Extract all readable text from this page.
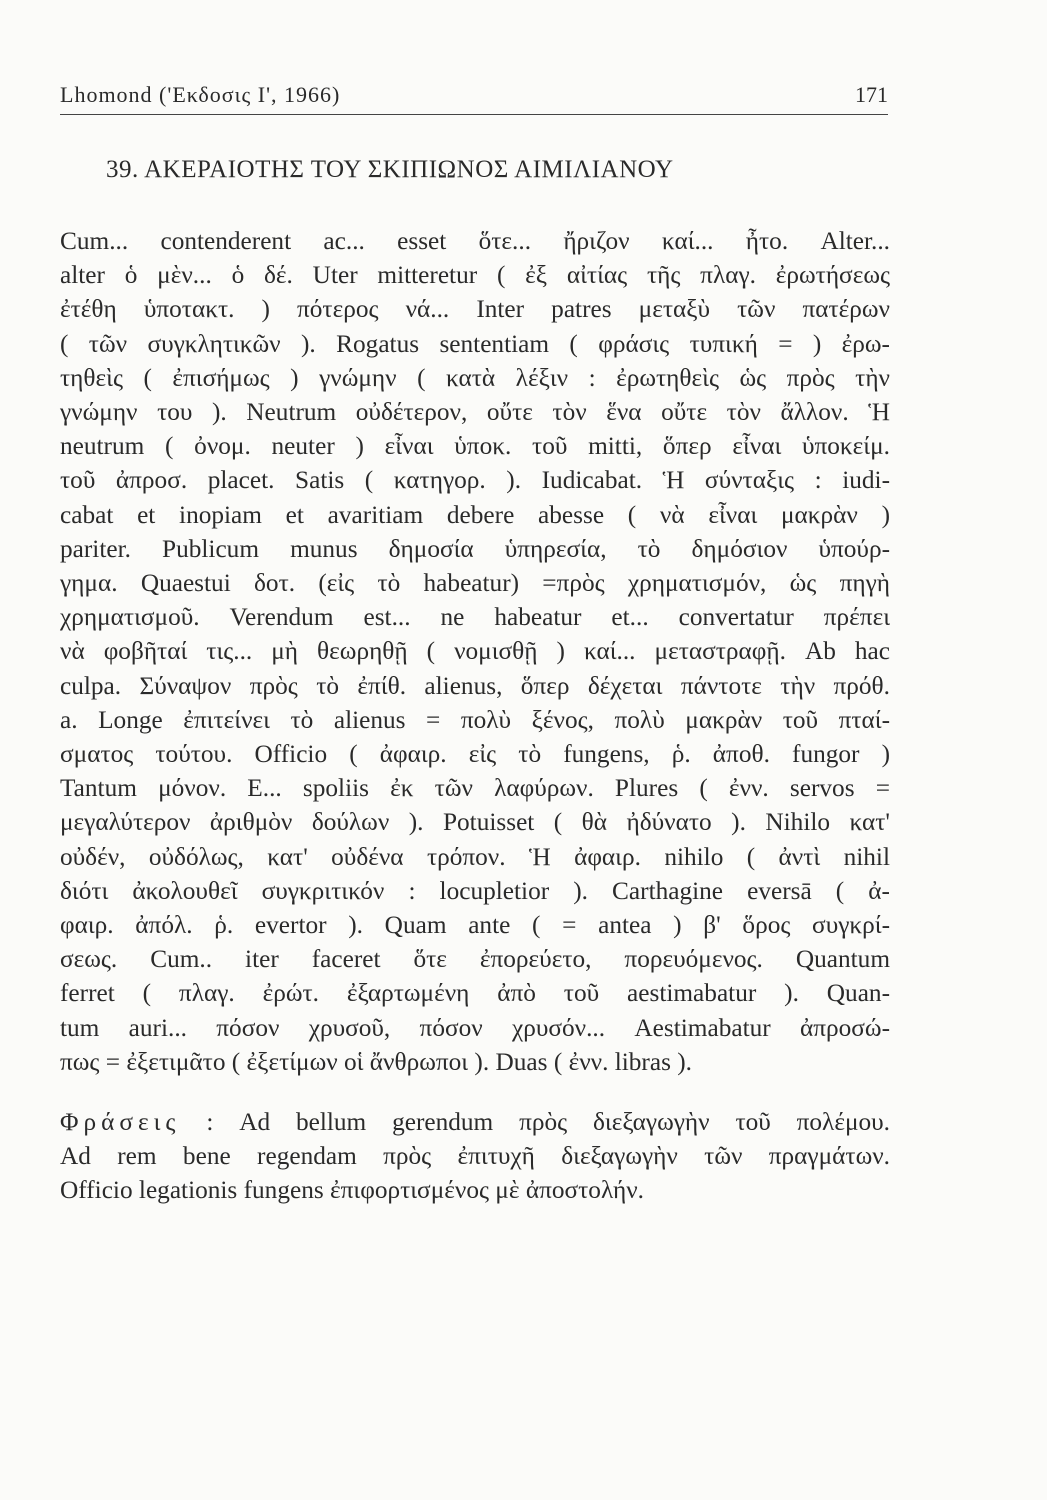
Lhomond ('Εκδοσις Ι', 1966)	171
39. ΑΚΕΡΑΙΟΤΗΣ ΤΟΥ ΣΚΙΠΙΩΝΟΣ ΑΙΜΙΛΙΑΝΟΥ
Cum... contenderent ac... esset ὅτε... ἤριζον καί... ἦτο. Alter...
alter ὁ μὲν... ὁ δέ. Uter mitteretur ( ἐξ αἰτίας τῆς πλαγ. ἐρωτήσεως
ἐτέθη ὑποτακτ. ) πότερος νά... Inter patres μεταξὺ τῶν πατέρων
( τῶν συγκλητικῶν ). Rogatus sententiam ( φράσις τυπική = ) ἐρω-
τηθεὶς ( ἐπισήμως ) γνώμην ( κατὰ λέξιν : ἐρωτηθεὶς ὡς πρὸς τὴν
γνώμην του ). Neutrum οὐδέτερον, οὔτε τὸν ἕνα οὔτε τὸν ἄλλον. Ἡ
neutrum ( ὀνομ. neuter ) εἶναι ὑποκ. τοῦ mitti, ὅπερ εἶναι ὑποκείμ.
τοῦ ἀπροσ. placet. Satis ( κατηγορ. ). Iudicabat. Ἡ σύνταξις : iudi-
cabat et inopiam et avaritiam debere abesse ( νὰ εἶναι μακρὰν )
pariter. Publicum munus δημοσία ὑπηρεσία, τὸ δημόσιον ὑπούρ-
γημα. Quaestui δοτ. (εἰς τὸ habeatur) =πρὸς χρηματισμόν, ὡς πηγὴ
χρηματισμοῦ. Verendum est... ne habeatur et... convertatur πρέπει
νὰ φοβῆταί τις... μὴ θεωρηθῇ ( νομισθῇ ) καί... μεταστραφῇ. Ab hac
culpa. Σύναψον πρὸς τὸ ἐπίθ. alienus, ὅπερ δέχεται πάντοτε τὴν πρόθ.
a. Longe ἐπιτείνει τὸ alienus = πολὺ ξένος, πολὺ μακρὰν τοῦ πταί-
σματος τούτου. Officio ( ἀφαιρ. εἰς τὸ fungens, ῥ. ἀποθ. fungor )
Tantum μόνον. E... spoliis ἐκ τῶν λαφύρων. Plures ( ἐνν. servos =
μεγαλύτερον ἀριθμὸν δούλων ). Potuisset ( θὰ ἠδύνατο ). Nihilo κατ'
οὐδέν, οὐδόλως, κατ' οὐδένα τρόπον. Ἡ ἀφαιρ. nihilo ( ἀντὶ nihil
διότι ἀκολουθεῖ συγκριτικόν : locupletior ). Carthagine eversā ( ἀ-
φαιρ. ἀπόλ. ῥ. evertor ). Quam ante ( = antea ) β' ὅρος συγκρί-
σεως. Cum.. iter faceret ὅτε ἐπορεύετο, πορευόμενος. Quantum
ferret ( πλαγ. ἐρώτ. ἐξαρτωμένη ἀπὸ τοῦ aestimabatur ). Quan-
tum auri... πόσον χρυσοῦ, πόσον χρυσόν... Aestimabatur ἀπροσώ-
πως = ἐξετιμᾶτο ( ἐξετίμων οἱ ἄνθρωποι ). Duas ( ἐνν. libras ).
Φράσεις : Ad bellum gerendum πρὸς διεξαγωγὴν τοῦ πολέμου.
Ad rem bene regendam πρὸς ἐπιτυχῆ διεξαγωγὴν τῶν πραγμάτων.
Officio legationis fungens ἐπιφορτισμένος μὲ ἀποστολήν.
